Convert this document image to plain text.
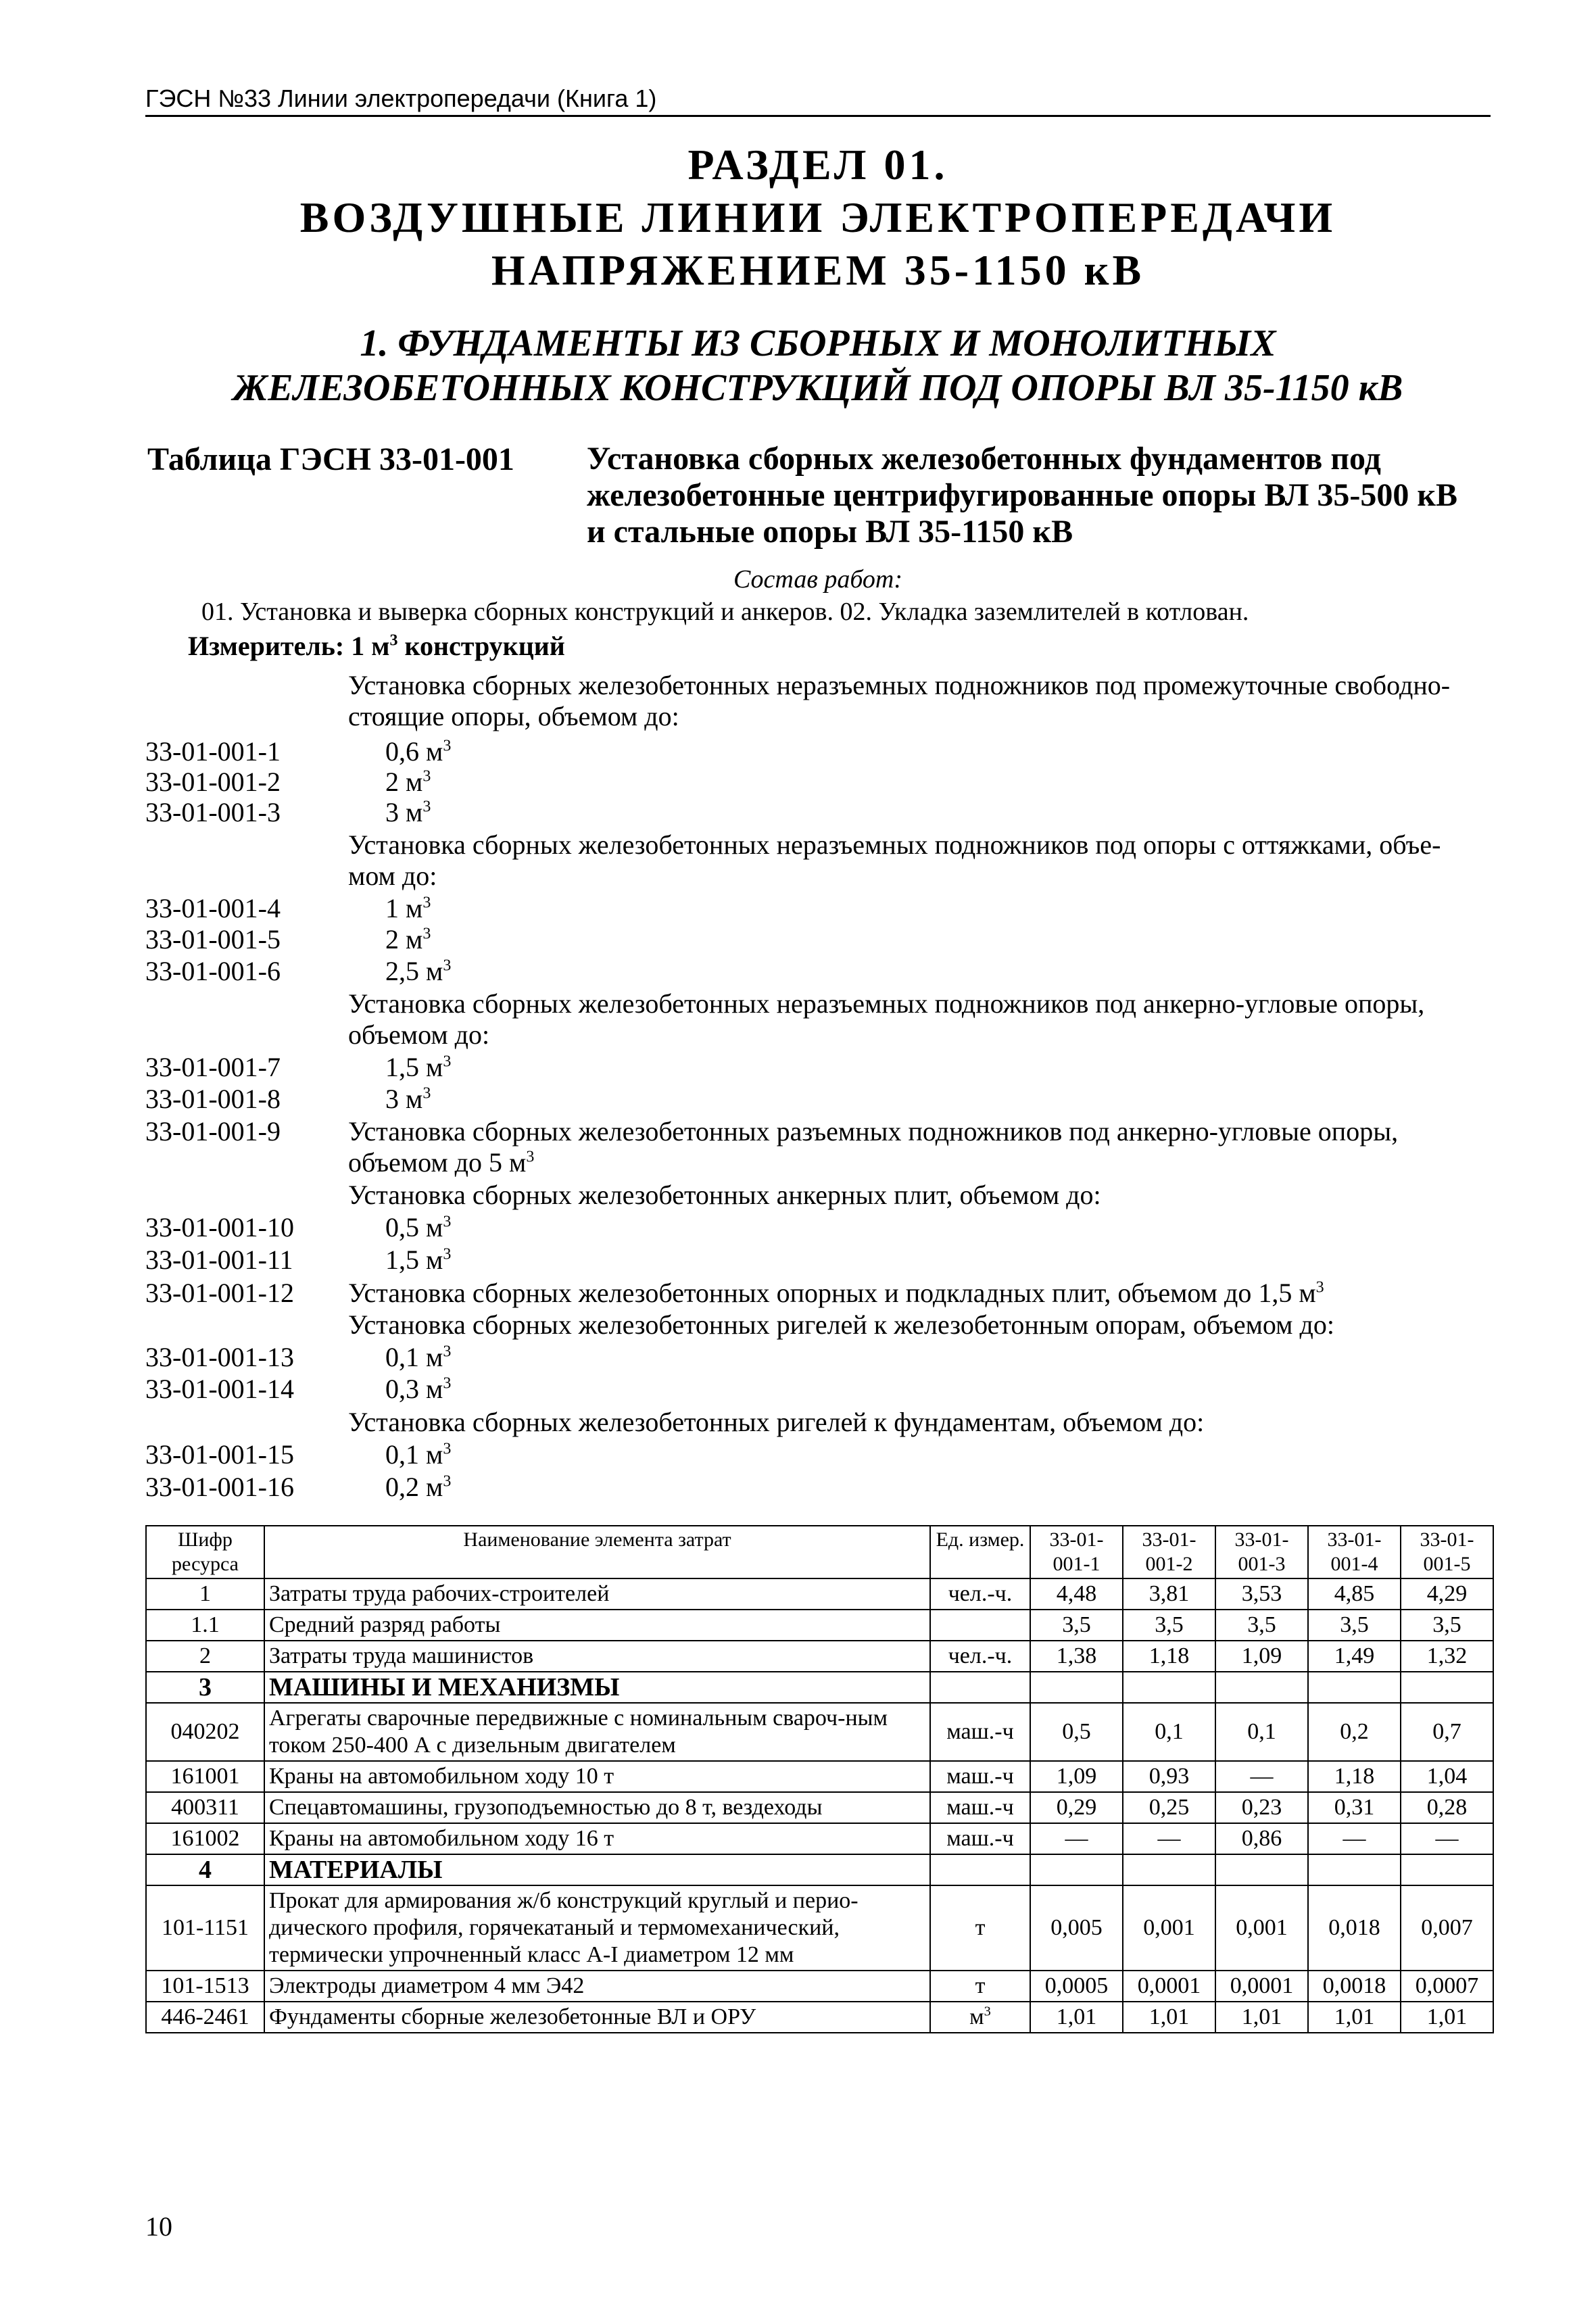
ГЭСН №33 Линии электропередачи (Книга 1)
РАЗДЕЛ 01.
ВОЗДУШНЫЕ ЛИНИИ ЭЛЕКТРОПЕРЕДАЧИ
НАПРЯЖЕНИЕМ 35-1150 кВ
1. ФУНДАМЕНТЫ ИЗ СБОРНЫХ И МОНОЛИТНЫХ
ЖЕЛЕЗОБЕТОННЫХ КОНСТРУКЦИЙ ПОД ОПОРЫ ВЛ 35-1150 кВ
Таблица ГЭСН 33-01-001 Установка сборных железобетонных фундаментов под
железобетонные центрифугированные опоры ВЛ 35-500 кВ
и стальные опоры ВЛ 35-1150 кВ
Состав работ:
01. Установка и выверка сборных конструкций и анкеров. 02. Укладка заземлителей в котлован.
Измеритель: 1 $м^3$ конструкций
Установка сборных железобетонных неразъемных подножников под промежуточные свободно-
стоящие опоры, объемом до:
33-01-001-1	0,6 $м^3$
33-01-001-2	2 $м^3$
33-01-001-3	3 $м^3$
Установка сборных железобетонных неразъемных подножников под опоры с оттяжками, объе-
мом до:
33-01-001-4	1 $м^3$
33-01-001-5	2 $м^3$
33-01-001-6	2,5 $м^3$
Установка сборных железобетонных неразъемных подножников под анкерно-угловые опоры,
объемом до:
33-01-001-7	1,5 $м^3$
33-01-001-8	3 $м^3$
33-01-001-9	Установка сборных железобетонных разъемных подножников под анкерно-угловые опоры,
объемом до 5 $м^3$
Установка сборных железобетонных анкерных плит, объемом до:
33-01-001-10	0,5 $м^3$
33-01-001-11	1,5 $м^3$
33-01-001-12	Установка сборных железобетонных опорных и подкладных плит, объемом до 1,5 $м^3$
Установка сборных железобетонных ригелей к железобетонным опорам, объемом до:
33-01-001-13	0,1 $м^3$
33-01-001-14	0,3 $м^3$
Установка сборных железобетонных ригелей к фундаментам, объемом до:
33-01-001-15	0,1 $м^3$
33-01-001-16	0,2 $м^3$
Шифр ресурса	Наименование элемента затрат	Ед. измер.	33-01-001-1	33-01-001-2	33-01-001-3	33-01-001-4	33-01-001-5
1	Затраты труда рабочих-строителей	чел.-ч.	4,48	3,81	3,53	4,85	4,29
1.1	Средний разряд работы		3,5	3,5	3,5	3,5	3,5
2	Затраты труда машинистов	чел.-ч.	1,38	1,18	1,09	1,49	1,32
3	МАШИНЫ И МЕХАНИЗМЫ						
040202	Агрегаты сварочные передвижные с номинальным свароч-ным током 250-400 А с дизельным двигателем	маш.-ч	0,5	0,1	0,1	0,2	0,7
161001	Краны на автомобильном ходу 10 т	маш.-ч	1,09	0,93	—	1,18	1,04
400311	Спецавтомашины, грузоподъемностью до 8 т, вездеходы	маш.-ч	0,29	0,25	0,23	0,31	0,28
161002	Краны на автомобильном ходу 16 т	маш.-ч	—	—	0,86	—	—
4	МАТЕРИАЛЫ						
101-1151	Прокат для армирования ж/б конструкций круглый и перио-дического профиля, горячекатаный и термомеханический, термически упрочненный класс А-I диаметром 12 мм	т	0,005	0,001	0,001	0,018	0,007
101-1513	Электроды диаметром 4 мм Э42	т	0,0005	0,0001	0,0001	0,0018	0,0007
446-2461	Фундаменты сборные железобетонные ВЛ и ОРУ	$м^3$	1,01	1,01	1,01	1,01	1,01
10
